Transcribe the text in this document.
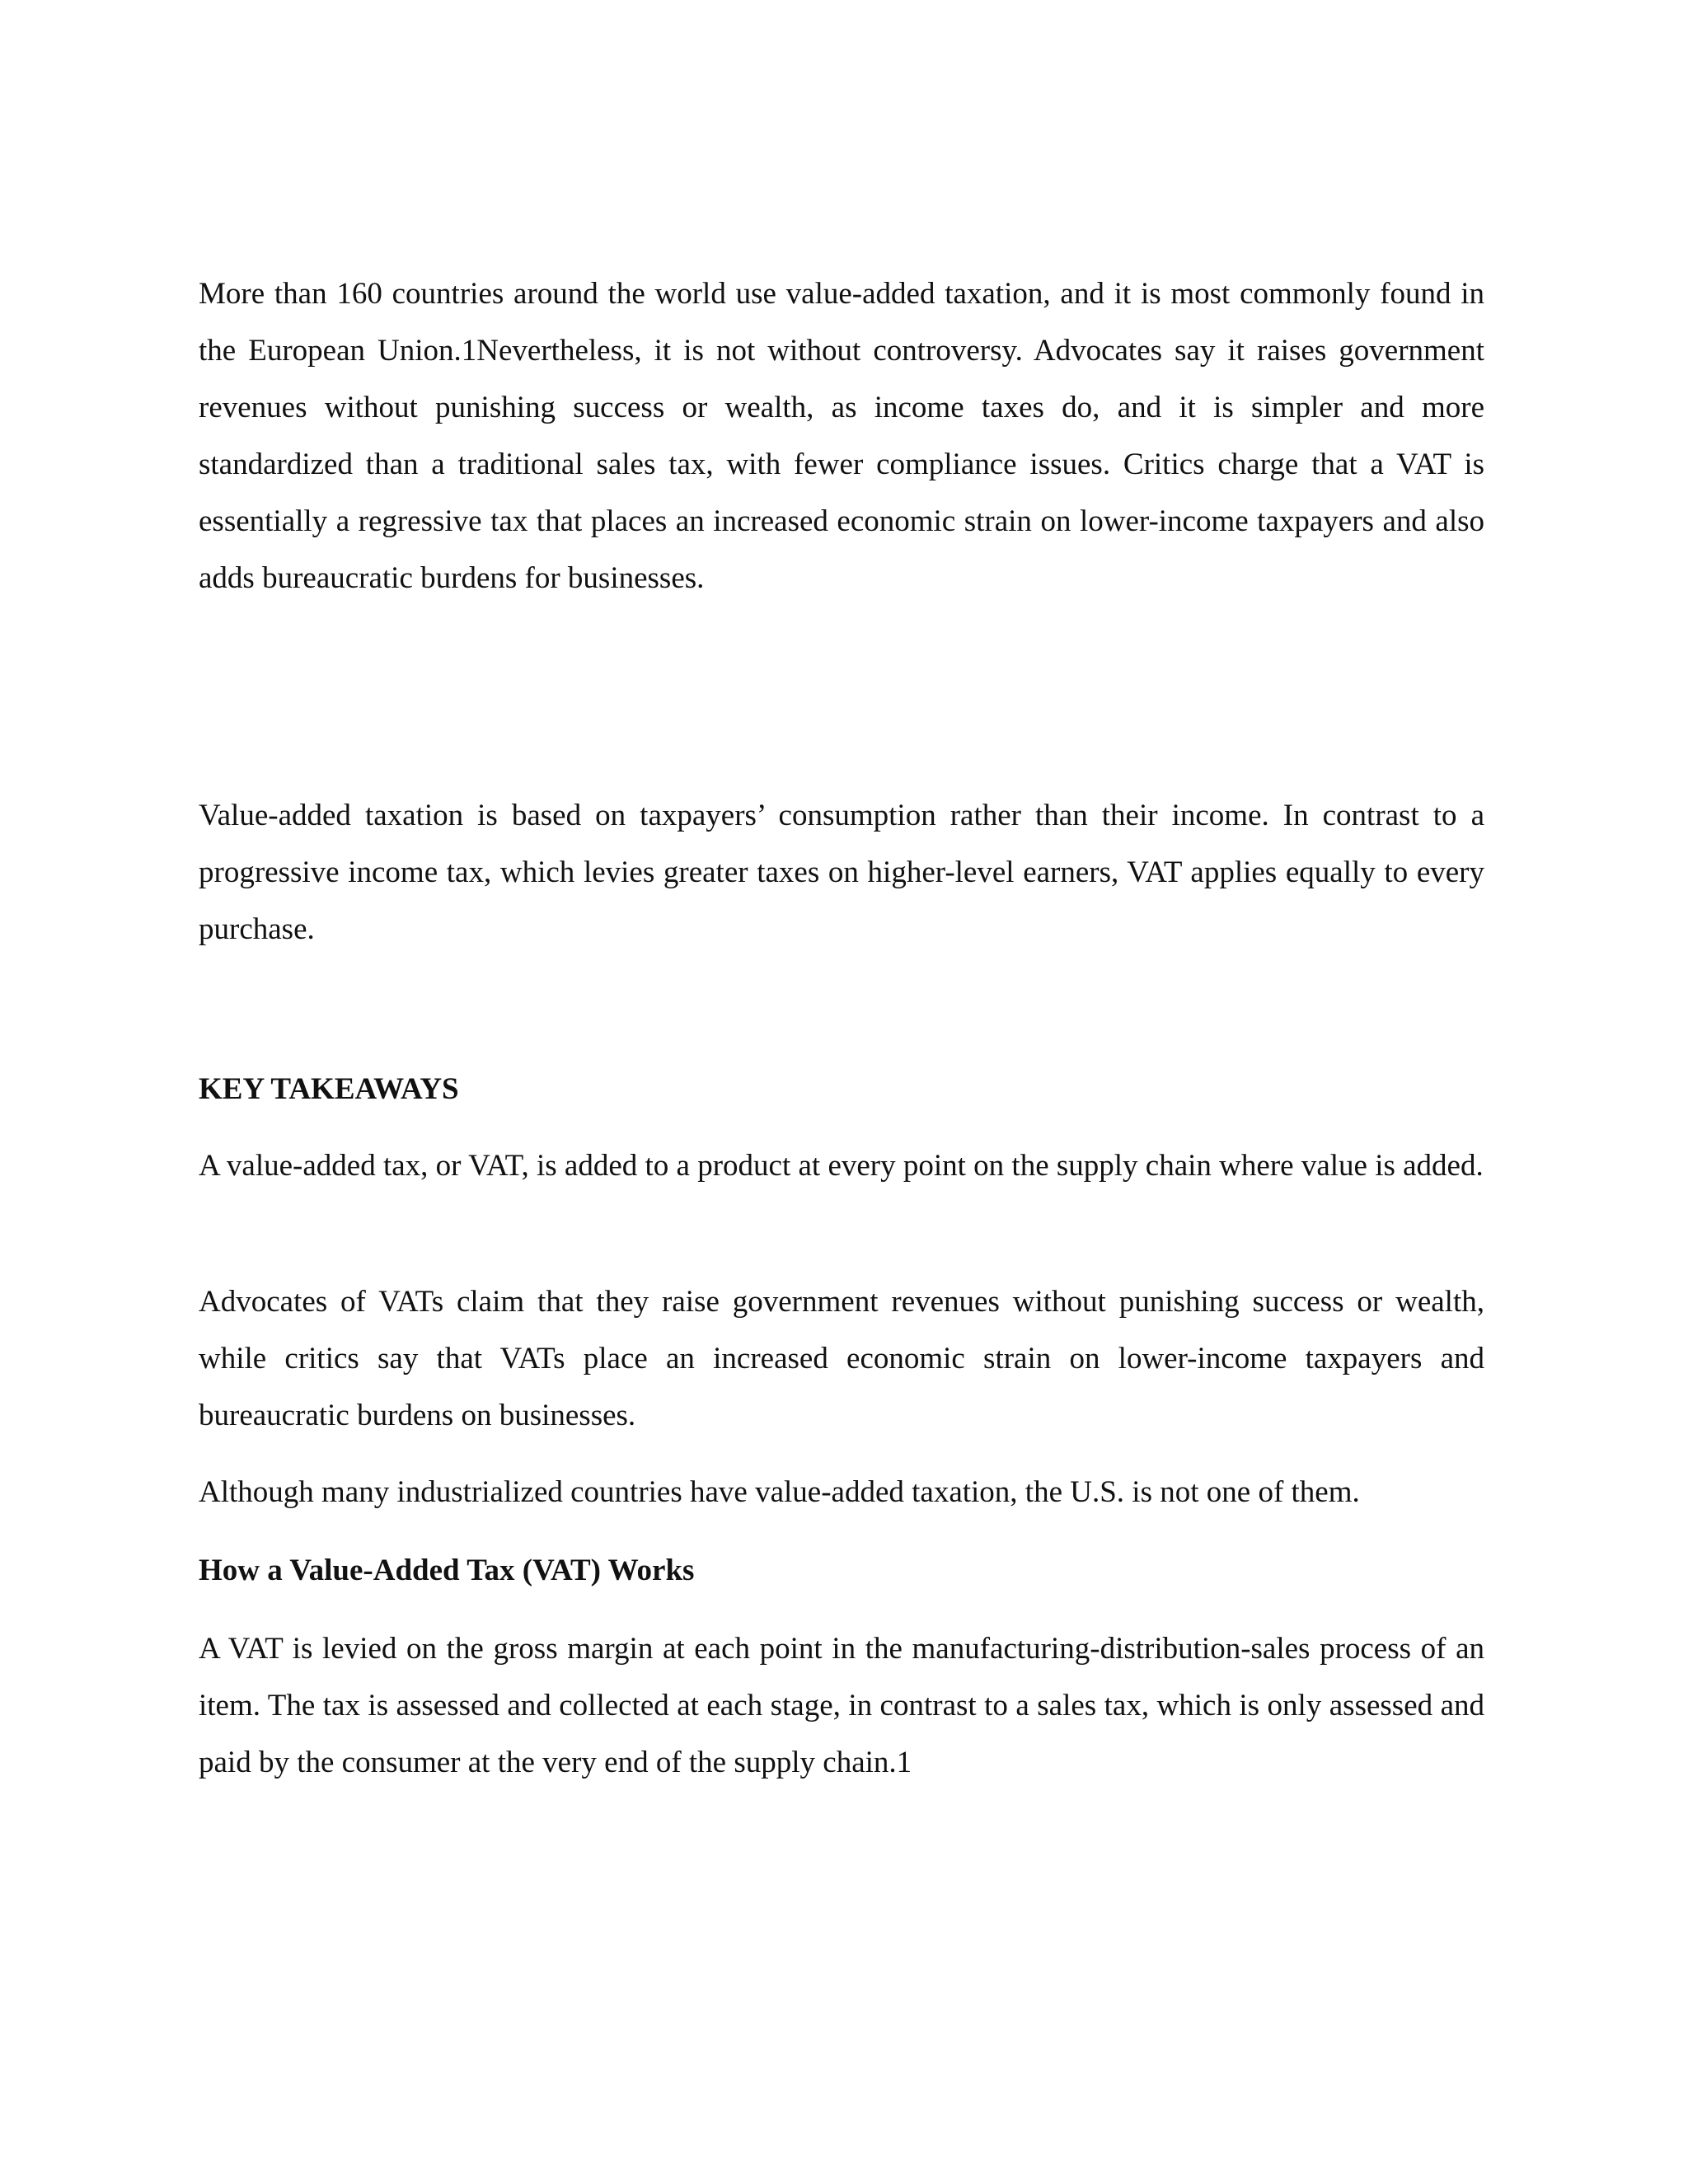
More than 160 countries around the world use value-added taxation, and it is most commonly found in the European Union.1Nevertheless, it is not without controversy. Advocates say it raises government revenues without punishing success or wealth, as income taxes do, and it is simpler and more standardized than a traditional sales tax, with fewer compliance issues. Critics charge that a VAT is essentially a regressive tax that places an increased economic strain on lower-income taxpayers and also adds bureaucratic burdens for businesses.

Value-added taxation is based on taxpayers’ consumption rather than their income. In contrast to a progressive income tax, which levies greater taxes on higher-level earners, VAT applies equally to every purchase.

KEY TAKEAWAYS

A value-added tax, or VAT, is added to a product at every point on the supply chain where value is added.

Advocates of VATs claim that they raise government revenues without punishing success or wealth, while critics say that VATs place an increased economic strain on lower-income taxpayers and bureaucratic burdens on businesses.

Although many industrialized countries have value-added taxation, the U.S. is not one of them.

How a Value-Added Tax (VAT) Works

A VAT is levied on the gross margin at each point in the manufacturing-distribution-sales process of an item. The tax is assessed and collected at each stage, in contrast to a sales tax, which is only assessed and paid by the consumer at the very end of the supply chain.1
